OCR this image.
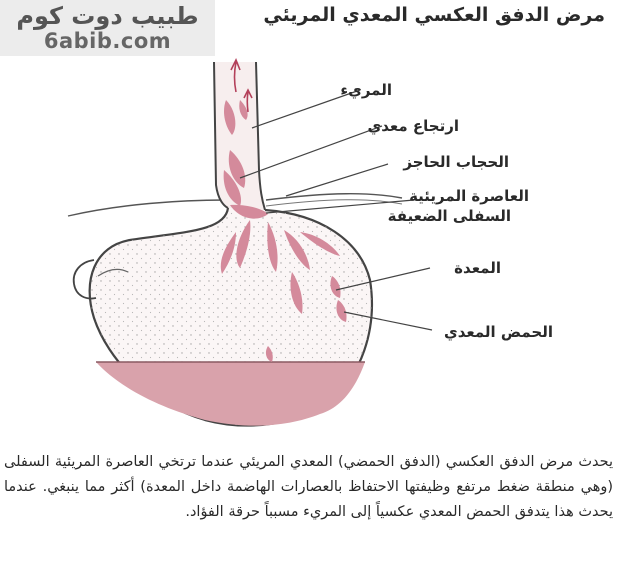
طبيب دوت كوم
6abib.com
مرض الدفق العكسي المعدي المريئي
المريء
ارتجاع معدي
الحجاب الحاجز
العاصرة المريئية
السفلى الضعيفة
المعدة
الحمض المعدي
يحدث مرض الدفق العكسي (الدفق الحمضي) المعدي المريئي عندما ترتخي العاصرة المريئية السفلى (وهي منطقة ضغط مرتفع وظيفتها الاحتفاظ بالعصارات الهاضمة داخل المعدة) أكثر مما ينبغي. عندما يحدث هذا يتدفق الحمض المعدي عكسياً إلى المريء مسبباً حرقة الفؤاد.
